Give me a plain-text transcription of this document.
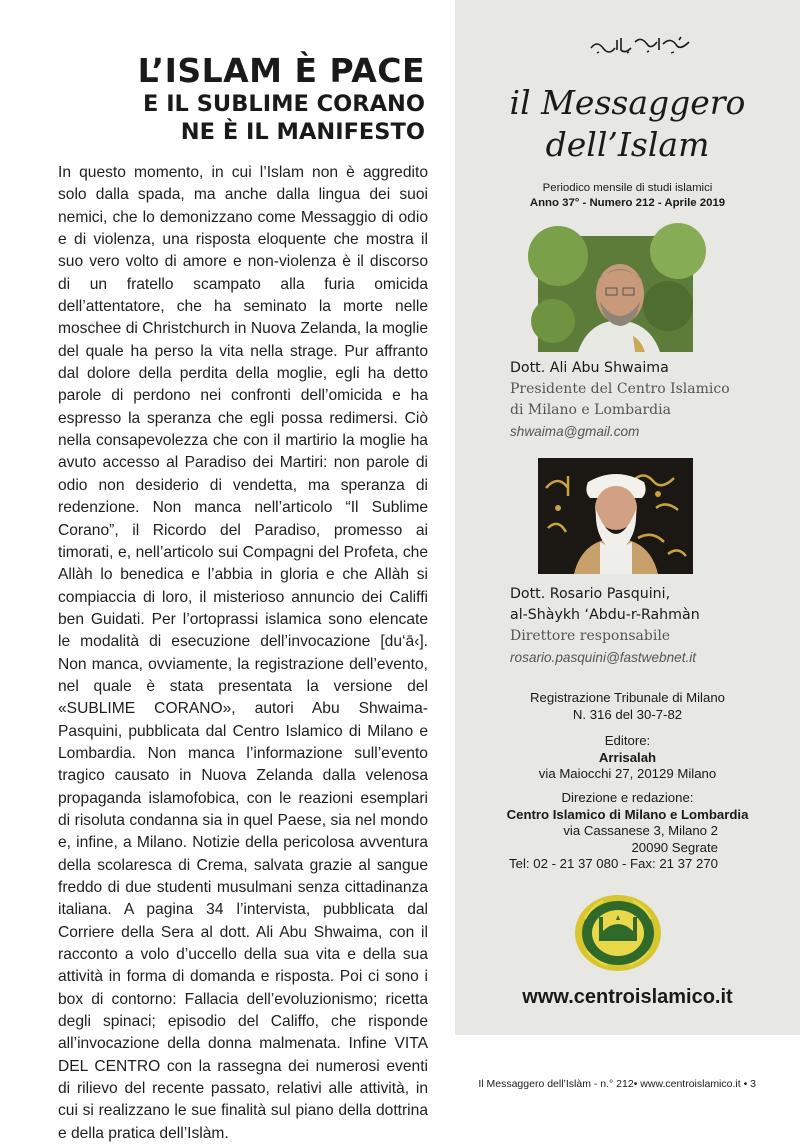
L’ISLAM È PACE
E IL SUBLIME CORANO
NE È IL MANIFESTO
In questo momento, in cui l’Islam non è aggredito solo dalla spada, ma anche dalla lingua dei suoi nemici, che lo demonizzano come Messaggio di odio e di violenza, una risposta eloquente che mostra il suo vero volto di amore e non-violenza è il discorso di un fratello scampato alla furia omicida dell’attentatore, che ha seminato la morte nelle moschee di Christchurch in Nuova Zelanda, la moglie del quale ha perso la vita nella strage. Pur affranto dal dolore della perdita della moglie, egli ha detto parole di perdono nei confronti dell’omicida e ha espresso la speranza che egli possa redimersi. Ciò nella consapevolezza che con il martirio la moglie ha avuto accesso al Paradiso dei Martiri: non parole di odio non desiderio di vendetta, ma speranza di redenzione. Non manca nell’articolo “Il Sublime Corano”, il Ricordo del Paradiso, promesso ai timorati, e, nell’articolo sui Compagni del Profeta, che Allàh lo benedica e l’abbia in gloria e che Allàh si compiaccia di loro, il misterioso annuncio dei Califfi ben Guidati. Per l’ortoprassi islamica sono elencate le modalità di esecuzione dell’invocazione [du‘ā‹]. Non manca, ovviamente, la registrazione dell’evento, nel quale è stata presentata la versione del «SUBLIME CORANO», autori Abu Shwaima-Pasquini, pubblicata dal Centro Islamico di Milano e Lombardia. Non manca l’informazione sull’evento tragico causato in Nuova Zelanda dalla velenosa propaganda islamofobica, con le reazioni esemplari di risoluta condanna sia in quel Paese, sia nel mondo e, infine, a Milano. Notizie della pericolosa avventura della scolaresca di Crema, salvata grazie al sangue freddo di due studenti musulmani senza cittadinanza italiana. A pagina 34 l’intervista, pubblicata dal Corriere della Sera al dott. Ali Abu Shwaima, con il racconto a volo d’uccello della sua vita e della sua attività in forma di domanda e risposta. Poi ci sono i box di contorno: Fallacia dell’evoluzionismo; ricetta degli spinaci; episodio del Califfo, che risponde all’invocazione della donna malmenata. Infine VITA DEL CENTRO con la rassegna dei numerosi eventi di rilievo del recente passato, relativi alle attività, in cui si realizzano le sue finalità sul piano della dottrina e della pratica dell’Islàm.
il Messaggero
dell’Islam
Periodico mensile di studi islamici
Anno 37° - Numero 212 - Aprile 2019
Dott. Ali Abu Shwaima
Presidente del Centro Islamico
di Milano e Lombardia
shwaima@gmail.com
Dott. Rosario Pasquini,
al-Shàykh ‘Abdu-r-Rahmàn
Direttore responsabile
rosario.pasquini@fastwebnet.it
Registrazione Tribunale di Milano
N. 316 del 30-7-82
Editore:
Arrisalah
via Maiocchi 27, 20129 Milano
Direzione e redazione:
Centro Islamico di Milano e Lombardia
via Cassanese 3, Milano 2
20090 Segrate
Tel: 02 - 21 37 080 - Fax: 21 37 270
www.centroislamico.it
Il Messaggero dell’Islàm - n.° 212• www.centroislamico.it • 3
